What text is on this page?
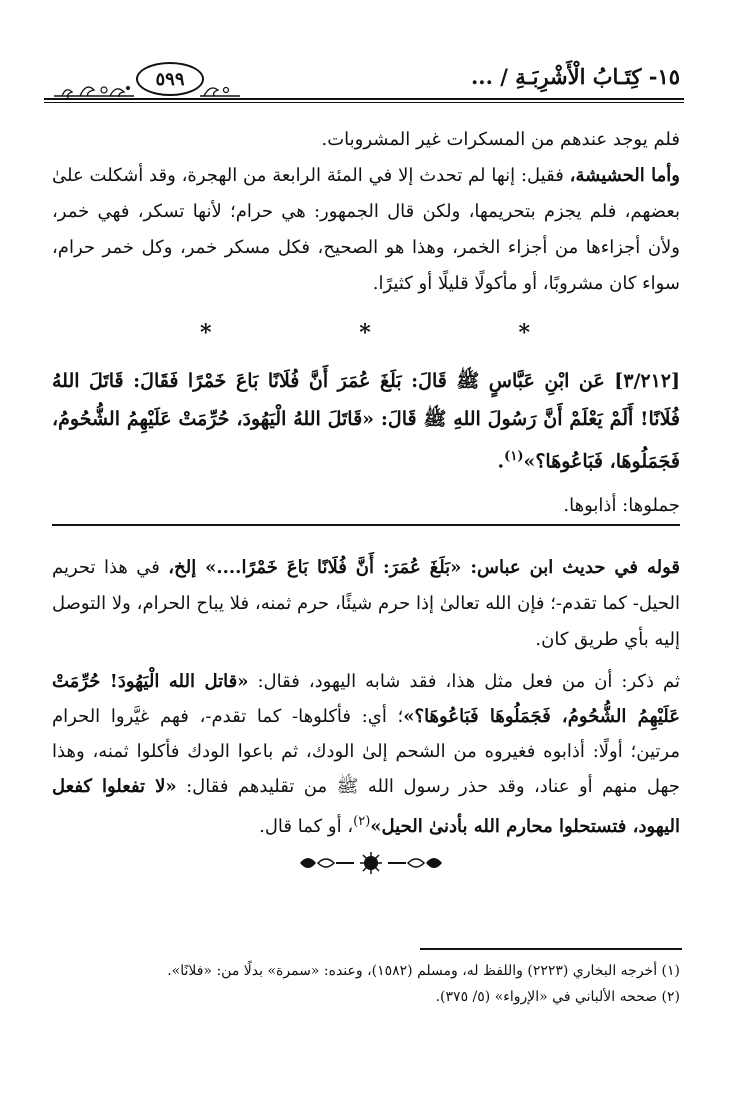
٥٩٩	١٥- كِتَـابُ الْأَشْرِبَـةِ / ...

فلم يوجد عندهم من المسكرات غير المشروبات.

وأما الحشيشة، فقيل: إنها لم تحدث إلا في المئة الرابعة من الهجرة، وقد أشكلت علىٰ بعضهم، فلم يجزم بتحريمها، ولكن قال الجمهور: هي حرام؛ لأنها تسكر، فهي خمر، ولأن أجزاءها من أجزاء الخمر، وهذا هو الصحيح، فكل مسكر خمر، وكل خمر حرام، سواء كان مشروبًا، أو مأكولًا قليلًا أو كثيرًا.

*
*
*

[٣/٢١٢] عَن ابْنِ عَبَّاسٍ ﷺ قَالَ: بَلَغَ عُمَرَ أَنَّ فُلَانًا بَاعَ خَمْرًا فَقَالَ: قَاتَلَ اللهُ فُلَانًا! أَلَمْ يَعْلَمْ أَنَّ رَسُولَ اللهِ ﷺ قَالَ: «قَاتَلَ اللهُ الْيَهُودَ، حُرِّمَتْ عَلَيْهِمُ الشُّحُومُ، فَجَمَلُوهَا، فَبَاعُوهَا؟»$^{(١)}$.

جملوها: أذابوها.

قوله في حديث ابن عباس: «بَلَغَ عُمَرَ: أَنَّ فُلَانًا بَاعَ خَمْرًا....» إلخ، في هذا تحريم الحيل- كما تقدم-؛ فإن الله تعالىٰ إذا حرم شيئًا، حرم ثمنه، فلا يباح الحرام، ولا التوصل إليه بأي طريق كان.

ثم ذكر: أن من فعل مثل هذا، فقد شابه اليهود، فقال: «قاتل الله الْيَهُودَ! حُرِّمَتْ عَلَيْهِمُ الشُّحُومُ، فَجَمَلُوهَا فَبَاعُوهَا؟»؛ أي: فأكلوها- كما تقدم-، فهم غيَّروا الحرام مرتين؛ أولًا: أذابوه فغيروه من الشحم إلىٰ الودك، ثم باعوا الودك فأكلوا ثمنه، وهذا جهل منهم أو عناد، وقد حذر رسول الله ﷺ من تقليدهم فقال: «لا تفعلوا كفعل اليهود، فتستحلوا محارم الله بأدنىٰ الحيل»$^{(٢)}$، أو كما قال.

(١) أخرجه البخاري (٢٢٢٣) واللفظ له، ومسلم (١٥٨٢)، وعنده: «سمرة» بدلًا من: «فلانًا».

(٢) صححه الألباني في «الإرواء» (٥/ ٣٧٥).
